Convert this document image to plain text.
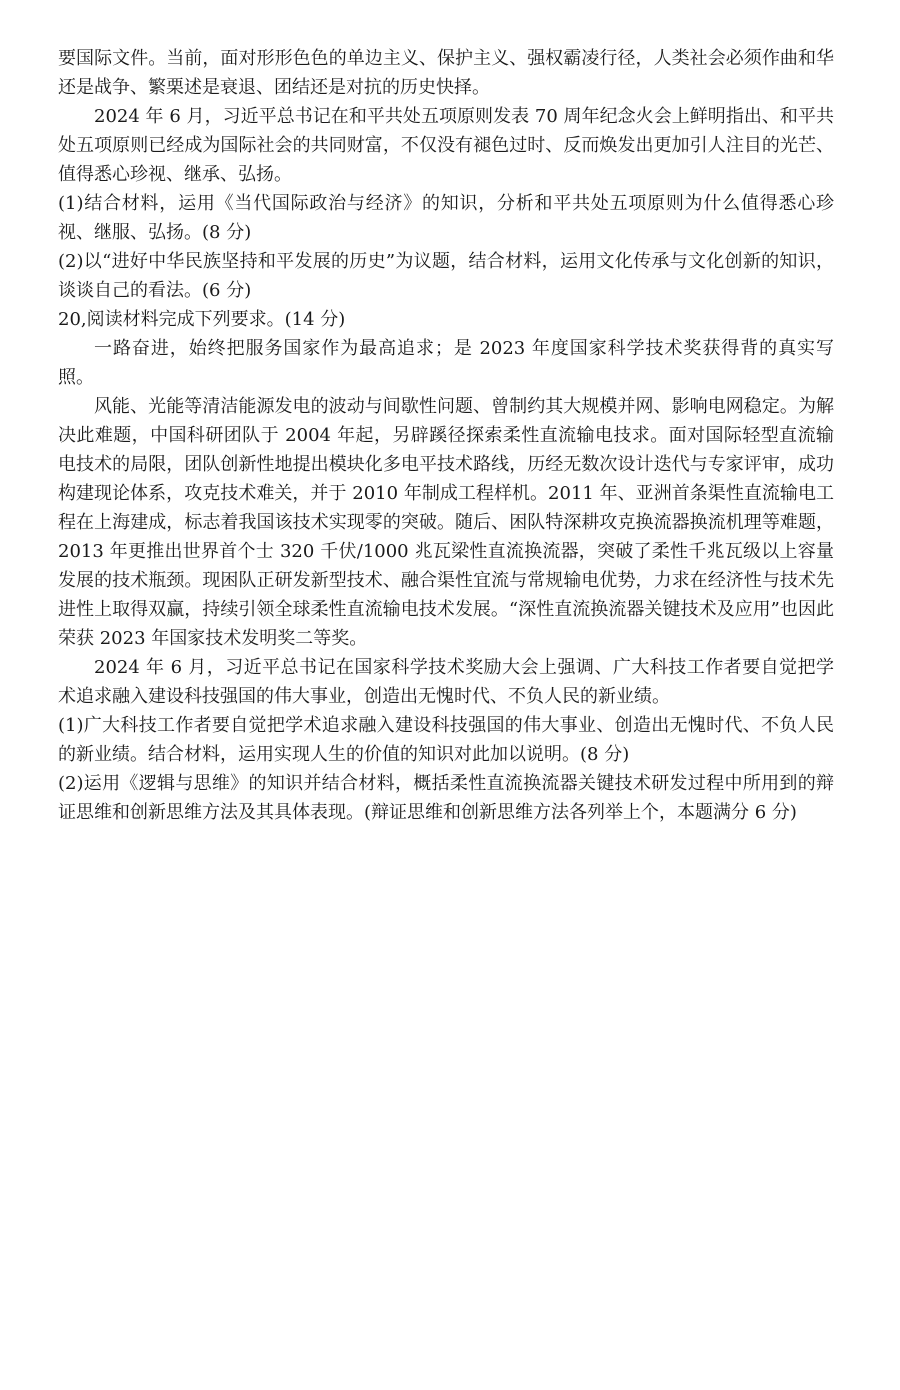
要国际文件。当前，面对形形色色的单边主义、保护主义、强权霸凌行径，人类社会必须作曲和华还是战争、繁栗述是衰退、团结还是对抗的历史快择。

2024 年 6 月，习近平总书记在和平共处五项原则发表 70 周年纪念火会上鲜明指出、和平共处五项原则已经成为国际社会的共同财富，不仅没有褪色过时、反而焕发出更加引人注目的光芒、值得悉心珍视、继承、弘扬。

(1)结合材料，运用《当代国际政治与经济》的知识，分析和平共处五项原则为什么值得悉心珍视、继服、弘扬。(8 分)

(2)以“进好中华民族坚持和平发展的历史”为议题，结合材料，运用文化传承与文化创新的知识，谈谈自己的看法。(6 分)

20,阅读材料完成下列要求。(14 分)

一路奋进，始终把服务国家作为最高追求；是 2023 年度国家科学技术奖获得背的真实写照。

风能、光能等清洁能源发电的波动与间歇性问题、曾制约其大规模并网、影响电网稳定。为解决此难题，中国科研团队于 2004 年起，另辟蹊径探索柔性直流输电技求。面对国际轻型直流输电技术的局限，团队创新性地提出模块化多电平技术路线，历经无数次设计迭代与专家评审，成功构建现论体系，攻克技术难关，并于 2010 年制成工程样机。2011 年、亚洲首条渠性直流输电工程在上海建成，标志着我国该技术实现零的突破。随后、困队特深耕攻克换流器换流机理等难题，2013 年更推出世界首个士 320 千伏/1000 兆瓦梁性直流换流器，突破了柔性千兆瓦级以上容量发展的技术瓶颈。现困队正研发新型技术、融合渠性宜流与常规输电优势，力求在经济性与技术先进性上取得双赢，持续引领全球柔性直流输电技术发展。“深性直流换流器关键技术及应用”也因此荣获 2023 年国家技术发明奖二等奖。

2024 年 6 月，习近平总书记在国家科学技术奖励大会上强调、广大科技工作者要自觉把学术追求融入建设科技强国的伟大事业，创造出无愧时代、不负人民的新业绩。

(1)广大科技工作者要自觉把学术追求融入建设科技强国的伟大事业、创造出无愧时代、不负人民的新业绩。结合材料，运用实现人生的价值的知识对此加以说明。(8 分)

(2)运用《逻辑与思维》的知识并结合材料，概括柔性直流换流器关键技术研发过程中所用到的辩证思维和创新思维方法及其具体表现。(辩证思维和创新思维方法各列举上个，本题满分 6 分)
